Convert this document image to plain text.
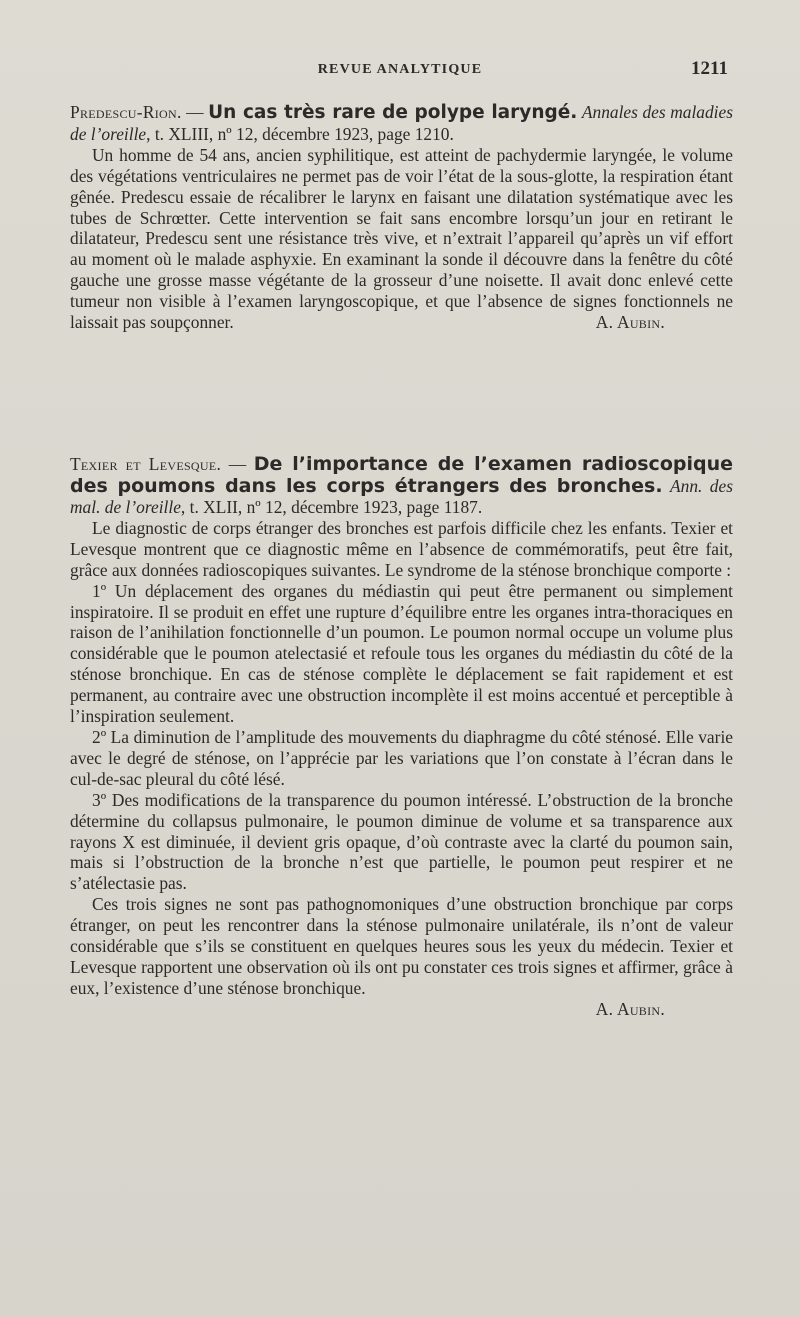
REVUE ANALYTIQUE	1211

Predescu-Rion. — Un cas très rare de polype laryngé. Annales des maladies de l’oreille, t. XLIII, nº 12, décembre 1923, page 1210.

Un homme de 54 ans, ancien syphilitique, est atteint de pachydermie laryngée, le volume des végétations ventriculaires ne permet pas de voir l’état de la sous-glotte, la respiration étant gênée. Predescu essaie de récalibrer le larynx en faisant une dilatation systématique avec les tubes de Schrœtter. Cette intervention se fait sans encombre lorsqu’un jour en retirant le dilatateur, Predescu sent une résistance très vive, et n’extrait l’appareil qu’après un vif effort au moment où le malade asphyxie. En examinant la sonde il découvre dans la fenêtre du côté gauche une grosse masse végétante de la grosseur d’une noisette. Il avait donc enlevé cette tumeur non visible à l’examen laryngoscopique, et que l’absence de signes fonctionnels ne laissait pas soupçonner.	A. Aubin.

Texier et Levesque. — De l’importance de l’examen radioscopique des poumons dans les corps étrangers des bronches. Ann. des mal. de l’oreille, t. XLII, nº 12, décembre 1923, page 1187.

Le diagnostic de corps étranger des bronches est parfois difficile chez les enfants. Texier et Levesque montrent que ce diagnostic même en l’absence de commémoratifs, peut être fait, grâce aux données radioscopiques suivantes. Le syndrome de la sténose bronchique comporte :

1º Un déplacement des organes du médiastin qui peut être permanent ou simplement inspiratoire. Il se produit en effet une rupture d’équilibre entre les organes intra-thoraciques en raison de l’anihilation fonctionnelle d’un poumon. Le poumon normal occupe un volume plus considérable que le poumon atelectasié et refoule tous les organes du médiastin du côté de la sténose bronchique. En cas de sténose complète le déplacement se fait rapidement et est permanent, au contraire avec une obstruction incomplète il est moins accentué et perceptible à l’inspiration seulement.

2º La diminution de l’amplitude des mouvements du diaphragme du côté sténosé. Elle varie avec le degré de sténose, on l’apprécie par les variations que l’on constate à l’écran dans le cul-de-sac pleural du côté lésé.

3º Des modifications de la transparence du poumon intéressé. L’obstruction de la bronche détermine du collapsus pulmonaire, le poumon diminue de volume et sa transparence aux rayons X est diminuée, il devient gris opaque, d’où contraste avec la clarté du poumon sain, mais si l’obstruction de la bronche n’est que partielle, le poumon peut respirer et ne s’atélectasie pas.

Ces trois signes ne sont pas pathognomoniques d’une obstruction bronchique par corps étranger, on peut les rencontrer dans la sténose pulmonaire unilatérale, ils n’ont de valeur considérable que s’ils se constituent en quelques heures sous les yeux du médecin. Texier et Levesque rapportent une observation où ils ont pu constater ces trois signes et affirmer, grâce à eux, l’existence d’une sténose bronchique.

A. Aubin.
